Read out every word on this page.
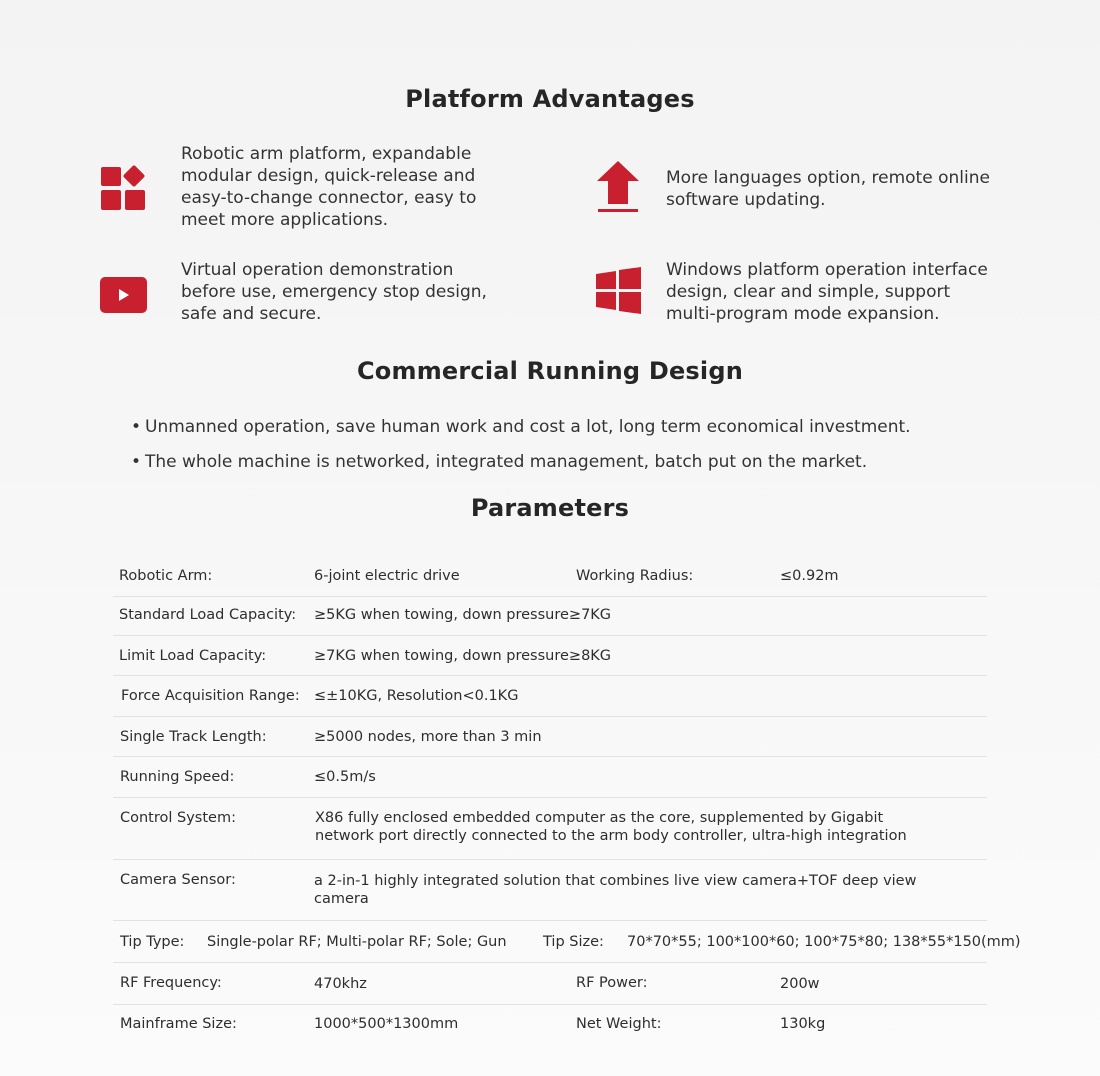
Platform Advantages
Robotic arm platform, expandable
modular design, quick-release and
easy-to-change connector, easy to
meet more applications.
More languages option, remote online
software updating.
Virtual operation demonstration
before use, emergency stop design,
safe and secure.
Windows platform operation interface
design, clear and simple, support
multi-program mode expansion.
Commercial Running Design
• Unmanned operation, save human work and cost a lot, long term economical investment.
• The whole machine is networked, integrated management, batch put on the market.
Parameters
Robotic Arm:	6-joint electric drive	Working Radius:	≤0.92m
Standard Load Capacity: ≥5KG when towing, down pressure≥7KG
Limit Load Capacity:	≥7KG when towing, down pressure≥8KG
Force Acquisition Range: ≤±10KG, Resolution<0.1KG
Single Track Length:	≥5000 nodes, more than 3 min
Running Speed:	≤0.5m/s
Control System:	X86 fully enclosed embedded computer as the core, supplemented by Gigabit
network port directly connected to the arm body controller, ultra-high integration
Camera Sensor:	a 2-in-1 highly integrated solution that combines live view camera+TOF deep view
camera
Tip Type: Single-polar RF; Multi-polar RF; Sole; Gun	Tip Size: 70*70*55; 100*100*60; 100*75*80; 138*55*150(mm)
RF Frequency:	470khz	RF Power:	200w
Mainframe Size:	1000*500*1300mm	Net Weight:	130kg
